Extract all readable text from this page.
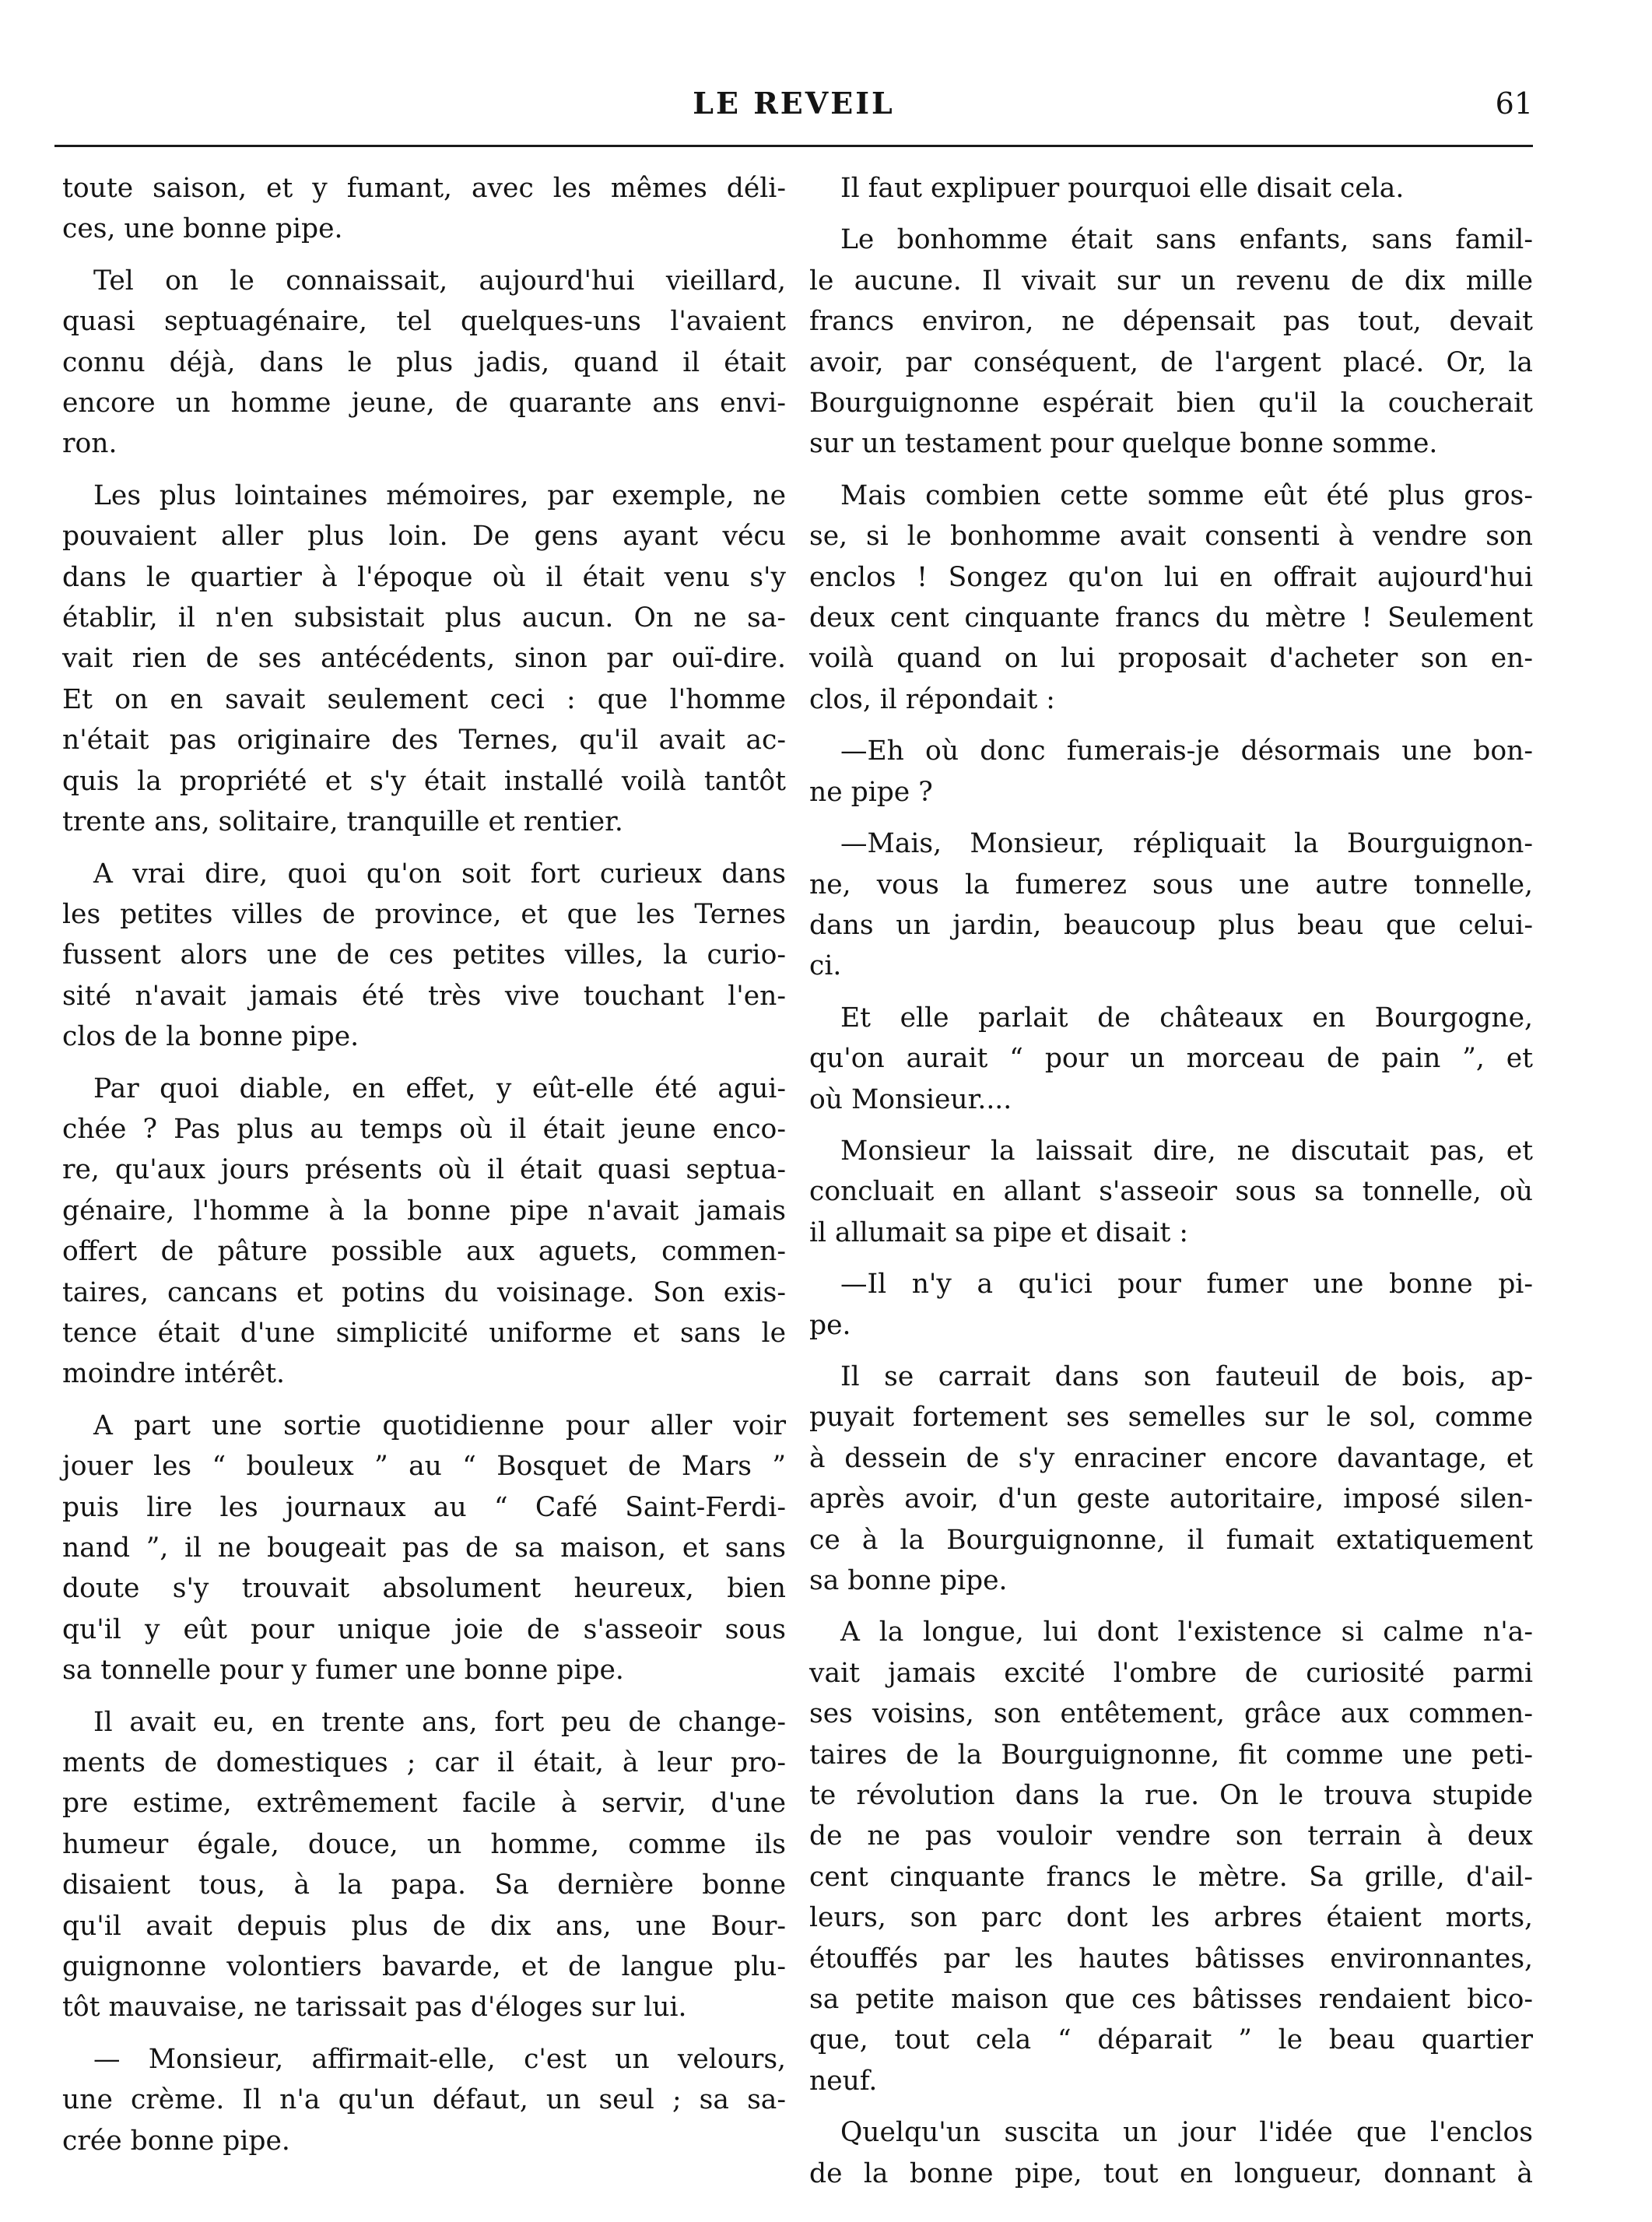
LE REVEIL	61
toute saison, et y fumant, avec les mêmes déli-
ces, une bonne pipe.
Tel on le connaissait, aujourd'hui vieillard,
quasi septuagénaire, tel quelques-uns l'avaient
connu déjà, dans le plus jadis, quand il était
encore un homme jeune, de quarante ans envi-
ron.
Les plus lointaines mémoires, par exemple, ne
pouvaient aller plus loin. De gens ayant vécu
dans le quartier à l'époque où il était venu s'y
établir, il n'en subsistait plus aucun. On ne sa-
vait rien de ses antécédents, sinon par ouï-dire.
Et on en savait seulement ceci : que l'homme
n'était pas originaire des Ternes, qu'il avait ac-
quis la propriété et s'y était installé voilà tantôt
trente ans, solitaire, tranquille et rentier.
A vrai dire, quoi qu'on soit fort curieux dans
les petites villes de province, et que les Ternes
fussent alors une de ces petites villes, la curio-
sité n'avait jamais été très vive touchant l'en-
clos de la bonne pipe.
Par quoi diable, en effet, y eût-elle été agui-
chée ? Pas plus au temps où il était jeune enco-
re, qu'aux jours présents où il était quasi septua-
génaire, l'homme à la bonne pipe n'avait jamais
offert de pâture possible aux aguets, commen-
taires, cancans et potins du voisinage. Son exis-
tence était d'une simplicité uniforme et sans le
moindre intérêt.
A part une sortie quotidienne pour aller voir
jouer les “ bouleux ” au “ Bosquet de Mars ”
puis lire les journaux au “ Café Saint-Ferdi-
nand ”, il ne bougeait pas de sa maison, et sans
doute s'y trouvait absolument heureux, bien
qu'il y eût pour unique joie de s'asseoir sous
sa tonnelle pour y fumer une bonne pipe.
Il avait eu, en trente ans, fort peu de change-
ments de domestiques ; car il était, à leur pro-
pre estime, extrêmement facile à servir, d'une
humeur égale, douce, un homme, comme ils
disaient tous, à la papa. Sa dernière bonne
qu'il avait depuis plus de dix ans, une Bour-
guignonne volontiers bavarde, et de langue plu-
tôt mauvaise, ne tarissait pas d'éloges sur lui.
— Monsieur, affirmait-elle, c'est un velours,
une crème. Il n'a qu'un défaut, un seul ; sa sa-
crée bonne pipe.
Il faut explipuer pourquoi elle disait cela.
Le bonhomme était sans enfants, sans famil-
le aucune. Il vivait sur un revenu de dix mille
francs environ, ne dépensait pas tout, devait
avoir, par conséquent, de l'argent placé. Or, la
Bourguignonne espérait bien qu'il la coucherait
sur un testament pour quelque bonne somme.
Mais combien cette somme eût été plus gros-
se, si le bonhomme avait consenti à vendre son
enclos ! Songez qu'on lui en offrait aujourd'hui
deux cent cinquante francs du mètre ! Seulement
voilà quand on lui proposait d'acheter son en-
clos, il répondait :
—Eh où donc fumerais-je désormais une bon-
ne pipe ?
—Mais, Monsieur, répliquait la Bourguignon-
ne, vous la fumerez sous une autre tonnelle,
dans un jardin, beaucoup plus beau que celui-
ci.
Et elle parlait de châteaux en Bourgogne,
qu'on aurait “ pour un morceau de pain ”, et
où Monsieur....
Monsieur la laissait dire, ne discutait pas, et
concluait en allant s'asseoir sous sa tonnelle, où
il allumait sa pipe et disait :
—Il n'y a qu'ici pour fumer une bonne pi-
pe.
Il se carrait dans son fauteuil de bois, ap-
puyait fortement ses semelles sur le sol, comme
à dessein de s'y enraciner encore davantage, et
après avoir, d'un geste autoritaire, imposé silen-
ce à la Bourguignonne, il fumait extatiquement
sa bonne pipe.
A la longue, lui dont l'existence si calme n'a-
vait jamais excité l'ombre de curiosité parmi
ses voisins, son entêtement, grâce aux commen-
taires de la Bourguignonne, fit comme une peti-
te révolution dans la rue. On le trouva stupide
de ne pas vouloir vendre son terrain à deux
cent cinquante francs le mètre. Sa grille, d'ail-
leurs, son parc dont les arbres étaient morts,
étouffés par les hautes bâtisses environnantes,
sa petite maison que ces bâtisses rendaient bico-
que, tout cela “ déparait ” le beau quartier
neuf.
Quelqu'un suscita un jour l'idée que l'enclos
de la bonne pipe, tout en longueur, donnant à
